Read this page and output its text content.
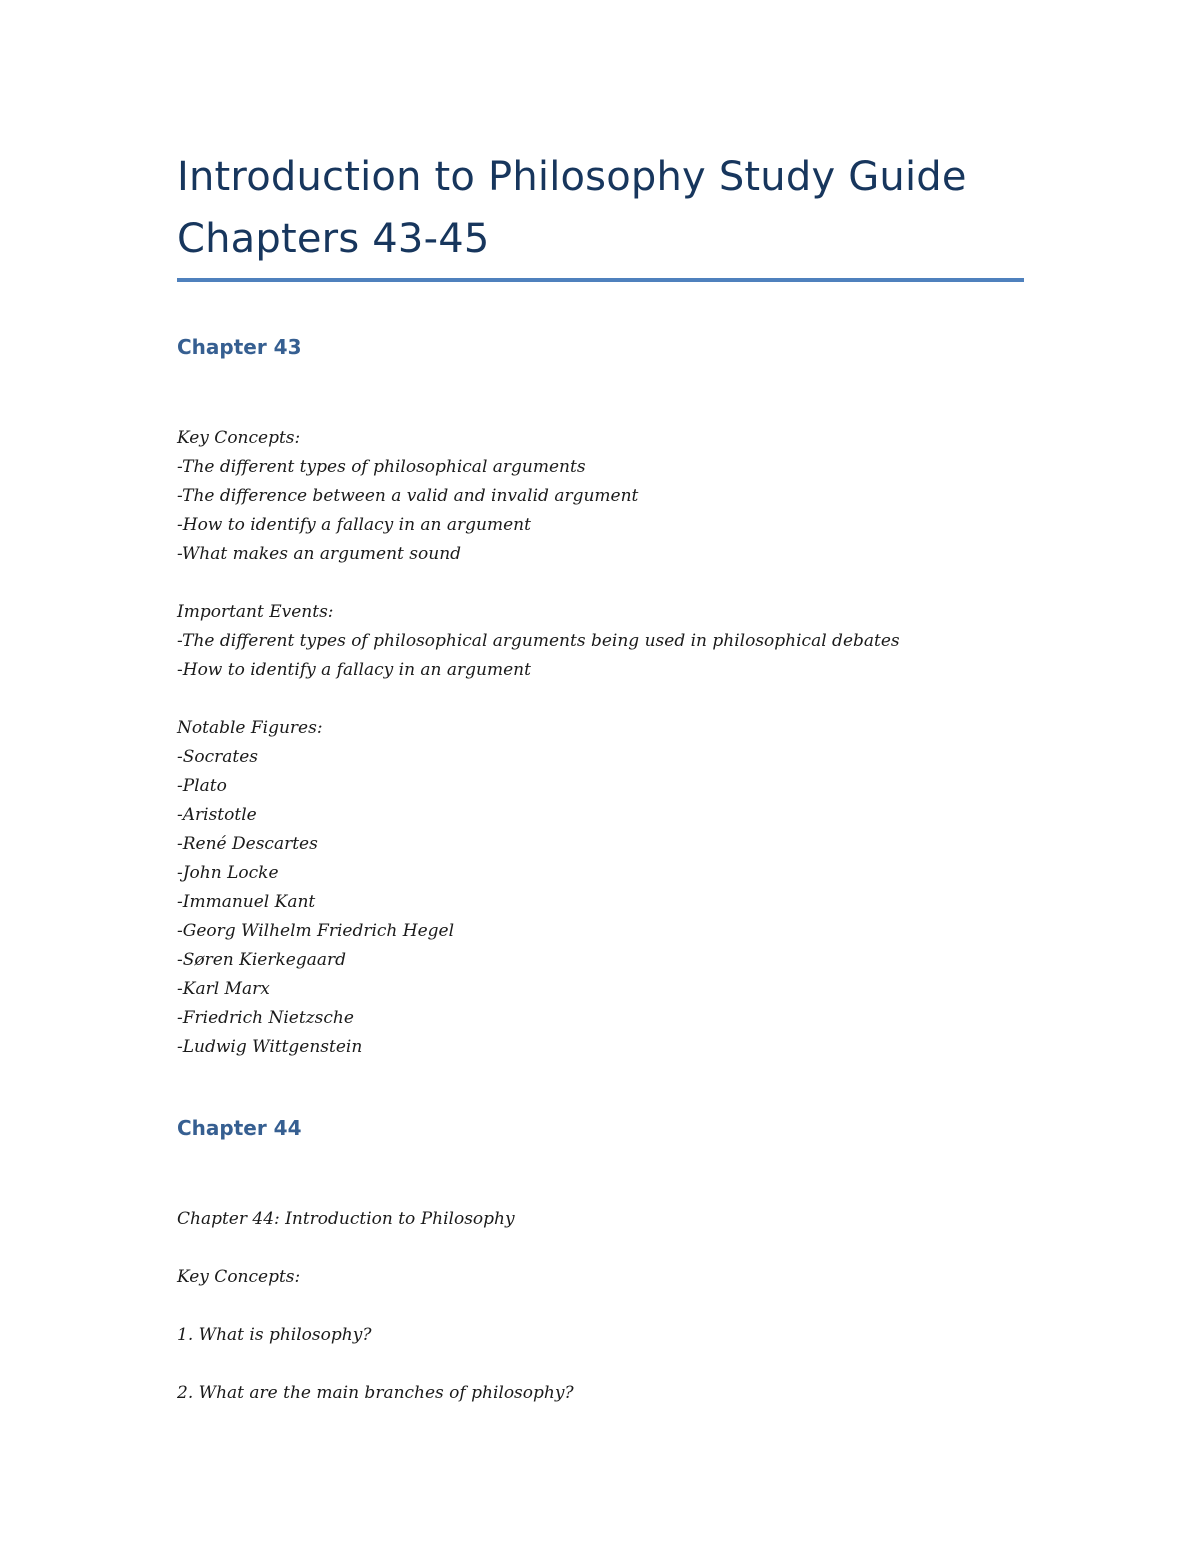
Introduction to Philosophy Study Guide
Chapters 43-45
Chapter 43

Key Concepts:

-The different types of philosophical arguments

-The difference between a valid and invalid argument

-How to identify a fallacy in an argument

-What makes an argument sound

Important Events:

-The different types of philosophical arguments being used in philosophical debates

-How to identify a fallacy in an argument

Notable Figures:

-Socrates

-Plato

-Aristotle

-René Descartes

-John Locke

-Immanuel Kant

-Georg Wilhelm Friedrich Hegel

-Søren Kierkegaard

-Karl Marx

-Friedrich Nietzsche

-Ludwig Wittgenstein

Chapter 44

Chapter 44: Introduction to Philosophy

Key Concepts:

1. What is philosophy?

2. What are the main branches of philosophy?
